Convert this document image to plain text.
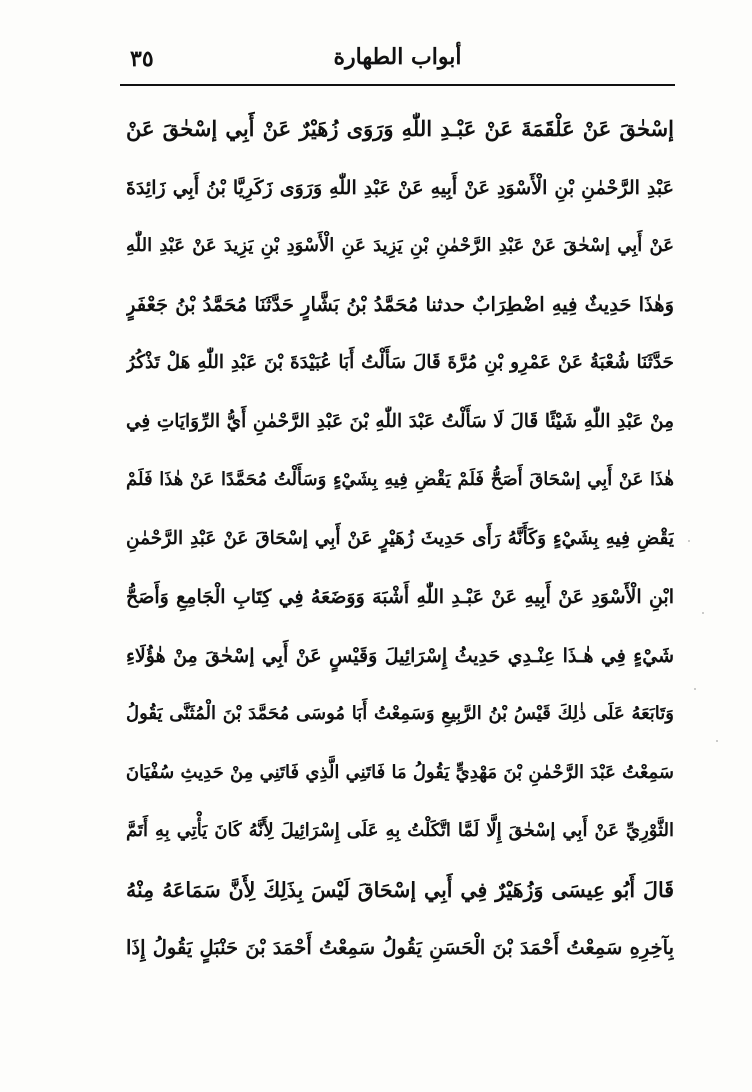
أبواب الطهارة
٣٥
إسْحٰقَ عَنْ عَلْقَمَةَ عَنْ عَبْـدِ اللّٰهِ وَرَوَى زُهَيْرٌ عَنْ أَبِي إسْحٰقَ عَنْ
عَبْدِ الرَّحْمٰنِ بْنِ الْأَسْوَدِ عَنْ أَبِيهِ عَنْ عَبْدِ اللّٰهِ وَرَوَى زَكَرِيَّا بْنُ أَبِي زَائِدَةَ
عَنْ أَبِي إسْحٰقَ عَنْ عَبْدِ الرَّحْمٰنِ بْنِ يَزِيدَ عَنِ الْأَسْوَدِ بْنِ يَزِيدَ عَنْ عَبْدِ اللّٰهِ
وَهٰذَا حَدِيثٌ فِيهِ اضْطِرَابٌ حدثنا مُحَمَّدُ بْنُ بَشَّارٍ حَدَّثَنَا مُحَمَّدُ بْنُ جَعْفَرٍ
حَدَّثَنَا شُعْبَةُ عَنْ عَمْرِو بْنِ مُرَّةَ قَالَ سَأَلْتُ أَبَا عُبَيْدَةَ بْنَ عَبْدِ اللّٰهِ هَلْ تَذْكُرُ
مِنْ عَبْدِ اللّٰهِ شَيْئًا قَالَ لَا سَأَلْتُ عَبْدَ اللّٰهِ بْنَ عَبْدِ الرَّحْمٰنِ أَيُّ الرِّوَايَاتِ فِي
هٰذَا عَنْ أَبِي إسْحَاقَ أَصَحُّ فَلَمْ يَقْضِ فِيهِ بِشَيْءٍ وَسَأَلْتُ مُحَمَّدًا عَنْ هٰذَا فَلَمْ
يَقْضِ فِيهِ بِشَيْءٍ وَكَأَنَّهُ رَأَى حَدِيثَ زُهَيْرٍ عَنْ أَبِي إسْحَاقَ عَنْ عَبْدِ الرَّحْمٰنِ
ابْنِ الْأَسْوَدِ عَنْ أَبِيهِ عَنْ عَبْـدِ اللّٰهِ أَشْبَهَ وَوَضَعَهُ فِي كِتَابِ الْجَامِعِ وَأَصَحُّ
شَيْءٍ فِي هٰـذَا عِنْـدِي حَدِيثُ إِسْرَائِيلَ وَقَيْسٍ عَنْ أَبِي إسْحٰقَ مِنْ هٰؤُلَاءِ
وَتَابَعَهُ عَلَى ذٰلِكَ قَيْسُ بْنُ الرَّبِيعِ وَسَمِعْتُ أَبَا مُوسَى مُحَمَّدَ بْنَ الْمُثَنَّى يَقُولُ
سَمِعْتُ عَبْدَ الرَّحْمٰنِ بْنَ مَهْدِيٍّ يَقُولُ مَا فَاتَنِي الَّذِي فَاتَنِي مِنْ حَدِيثِ سُفْيَانَ
الثَّوْرِيِّ عَنْ أَبِي إسْحٰقَ إِلَّا لَمَّا اتَّكَلْتُ بِهِ عَلَى إِسْرَائِيلَ لِأَنَّهُ كَانَ يَأْتِي بِهِ أَتَمَّ
قَالَ أَبُو عِيسَى وَزُهَيْرٌ فِي أَبِي إسْحَاقَ لَيْسَ بِذَلِكَ لِأَنَّ سَمَاعَهُ مِنْهُ
بِآخِرِهِ سَمِعْتُ أَحْمَدَ بْنَ الْحَسَنِ يَقُولُ سَمِعْتُ أَحْمَدَ بْنَ حَنْبَلٍ يَقُولُ إِذَا
